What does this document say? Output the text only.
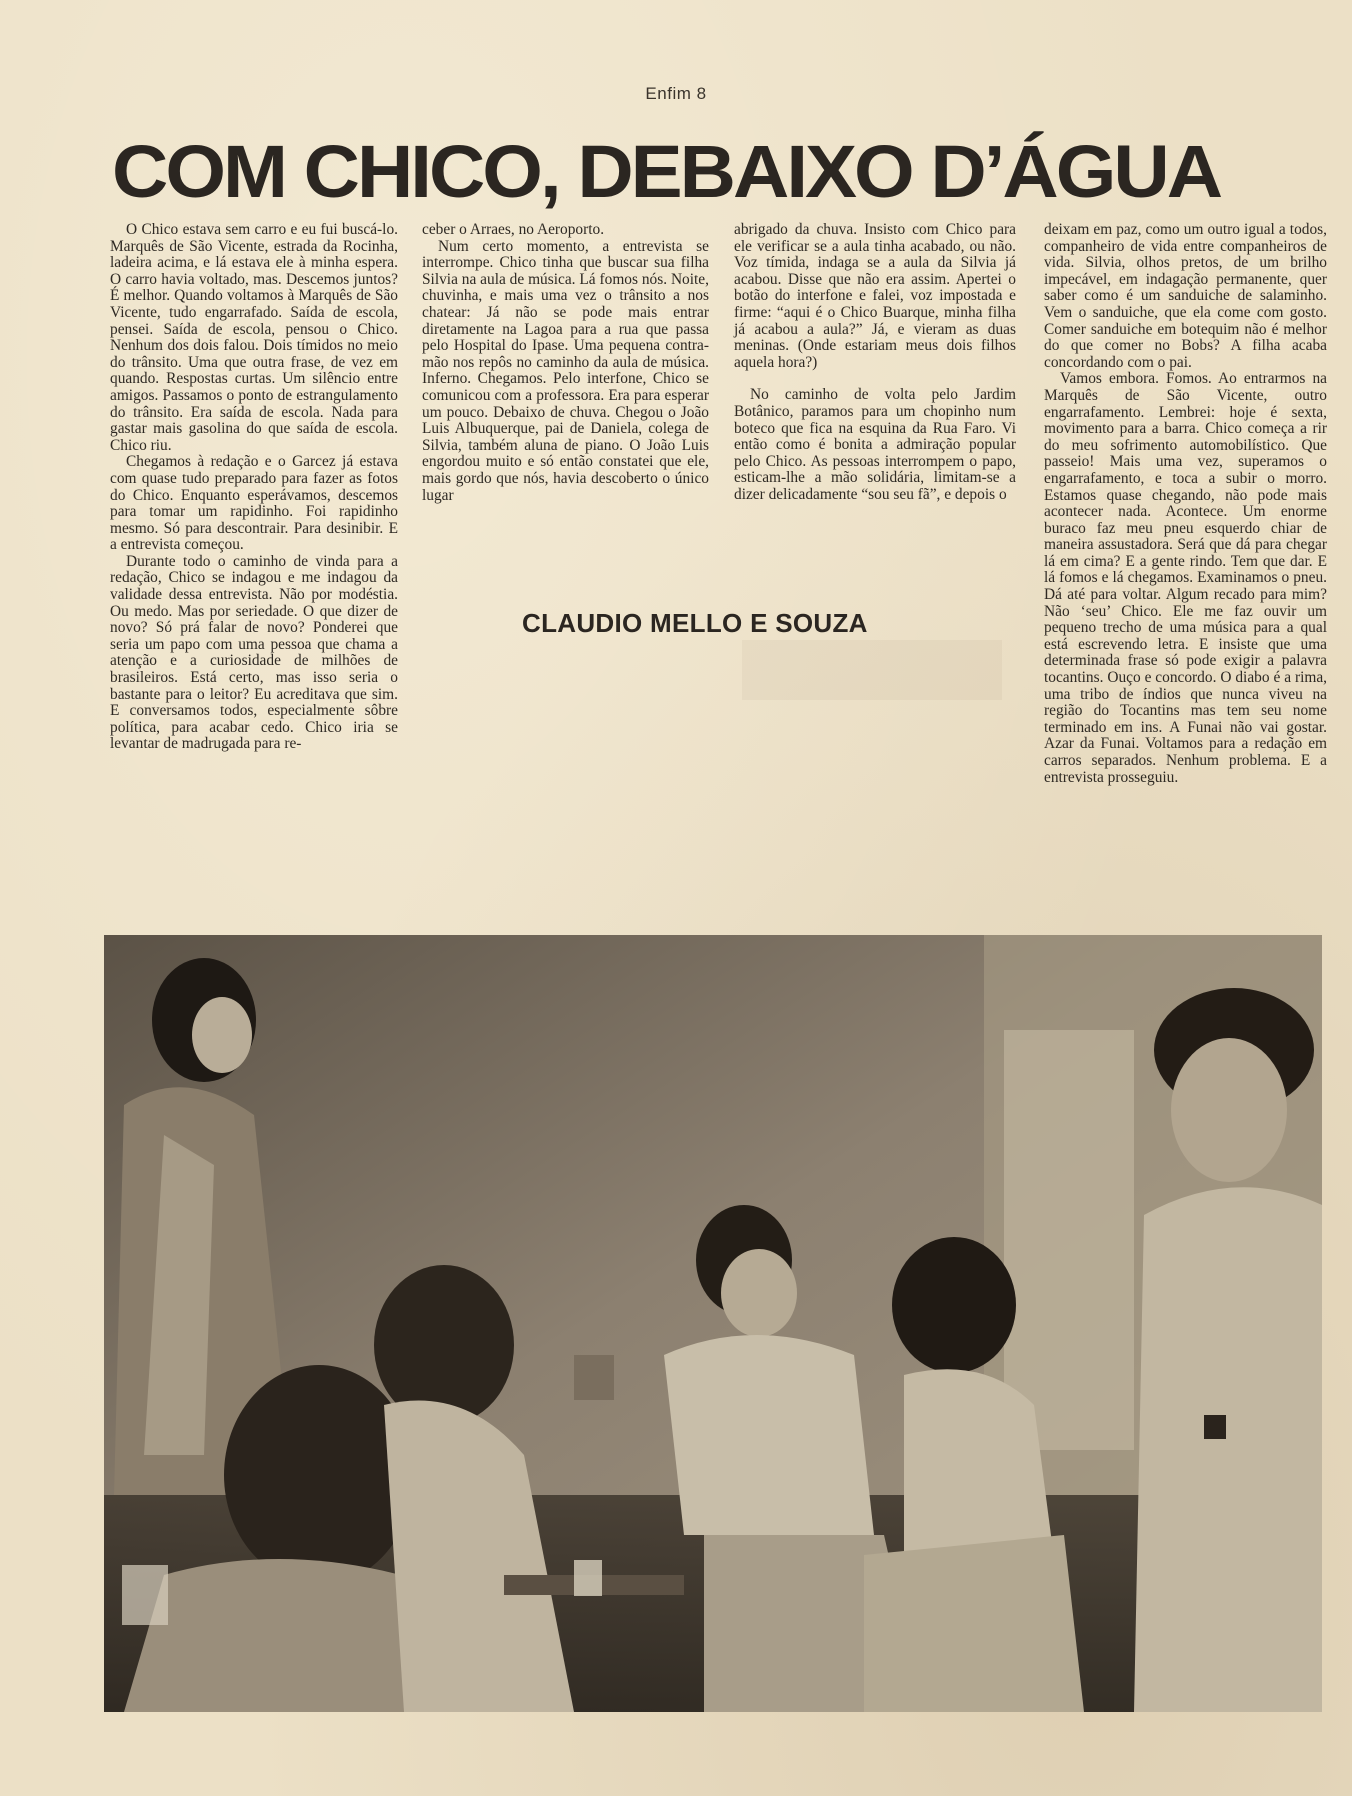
Enfim 8
COM CHICO, DEBAIXO D’ÁGUA

O Chico estava sem carro e eu fui buscá-lo. Marquês de São Vicente, estrada da Rocinha, ladeira acima, e lá estava ele à minha espera. O carro havia voltado, mas. Descemos juntos? É melhor. Quando voltamos à Marquês de São Vicente, tudo engarrafado. Saída de escola, pensei. Saída de escola, pensou o Chico. Nenhum dos dois falou. Dois tímidos no meio do trânsito. Uma que outra frase, de vez em quando. Respostas curtas. Um silêncio entre amigos. Passamos o ponto de estrangulamento do trânsito. Era saída de escola. Nada para gastar mais gasolina do que saída de escola. Chico riu.

Chegamos à redação e o Garcez já estava com quase tudo preparado para fazer as fotos do Chico. Enquanto esperávamos, descemos para tomar um rapidinho. Foi rapidinho mesmo. Só para descontrair. Para desinibir. E a entrevista começou.

Durante todo o caminho de vinda para a redação, Chico se indagou e me indagou da validade dessa entrevista. Não por modéstia. Ou medo. Mas por seriedade. O que dizer de novo? Só prá falar de novo? Ponderei que seria um papo com uma pessoa que chama a atenção e a curiosidade de milhões de brasileiros. Está certo, mas isso seria o bastante para o leitor? Eu acreditava que sim. E conversamos todos, especialmente sôbre política, para acabar cedo. Chico iria se levantar de madrugada para re-

ceber o Arraes, no Aeroporto.

Num certo momento, a entrevista se interrompe. Chico tinha que buscar sua filha Silvia na aula de música. Lá fomos nós. Noite, chuvinha, e mais uma vez o trânsito a nos chatear: Já não se pode mais entrar diretamente na Lagoa para a rua que passa pelo Hospital do Ipase. Uma pequena contra-mão nos repôs no caminho da aula de música. Inferno. Chegamos. Pelo interfone, Chico se comunicou com a professora. Era para esperar um pouco. Debaixo de chuva. Chegou o João Luis Albuquerque, pai de Daniela, colega de Silvia, também aluna de piano. O João Luis engordou muito e só então constatei que ele, mais gordo que nós, havia descoberto o único lugar

abrigado da chuva. Insisto com Chico para ele verificar se a aula tinha acabado, ou não. Voz tímida, indaga se a aula da Silvia já acabou. Disse que não era assim. Apertei o botão do interfone e falei, voz impostada e firme: “aqui é o Chico Buarque, minha filha já acabou a aula?” Já, e vieram as duas meninas. (Onde estariam meus dois filhos aquela hora?)

No caminho de volta pelo Jardim Botânico, paramos para um chopinho num boteco que fica na esquina da Rua Faro. Vi então como é bonita a admiração popular pelo Chico. As pessoas interrompem o papo, esticam-lhe a mão solidária, limitam-se a dizer delicadamente “sou seu fã”, e depois o

deixam em paz, como um outro igual a todos, companheiro de vida entre companheiros de vida. Silvia, olhos pretos, de um brilho impecável, em indagação permanente, quer saber como é um sanduiche de salaminho. Vem o sanduiche, que ela come com gosto. Comer sanduiche em botequim não é melhor do que comer no Bobs? A filha acaba concordando com o pai.

Vamos embora. Fomos. Ao entrarmos na Marquês de São Vicente, outro engarrafamento. Lembrei: hoje é sexta, movimento para a barra. Chico começa a rir do meu sofrimento automobilístico. Que passeio! Mais uma vez, superamos o engarrafamento, e toca a subir o morro. Estamos quase chegando, não pode mais acontecer nada. Acontece. Um enorme buraco faz meu pneu esquerdo chiar de maneira assustadora. Será que dá para chegar lá em cima? E a gente rindo. Tem que dar. E lá fomos e lá chegamos. Examinamos o pneu. Dá até para voltar. Algum recado para mim? Não ‘seu’ Chico. Ele me faz ouvir um pequeno trecho de uma música para a qual está escrevendo letra. E insiste que uma determinada frase só pode exigir a palavra tocantins. Ouço e concordo. O diabo é a rima, uma tribo de índios que nunca viveu na região do Tocantins mas tem seu nome terminado em ins. A Funai não vai gostar. Azar da Funai. Voltamos para a redação em carros separados. Nenhum problema. E a entrevista prosseguiu.

CLAUDIO MELLO E SOUZA
